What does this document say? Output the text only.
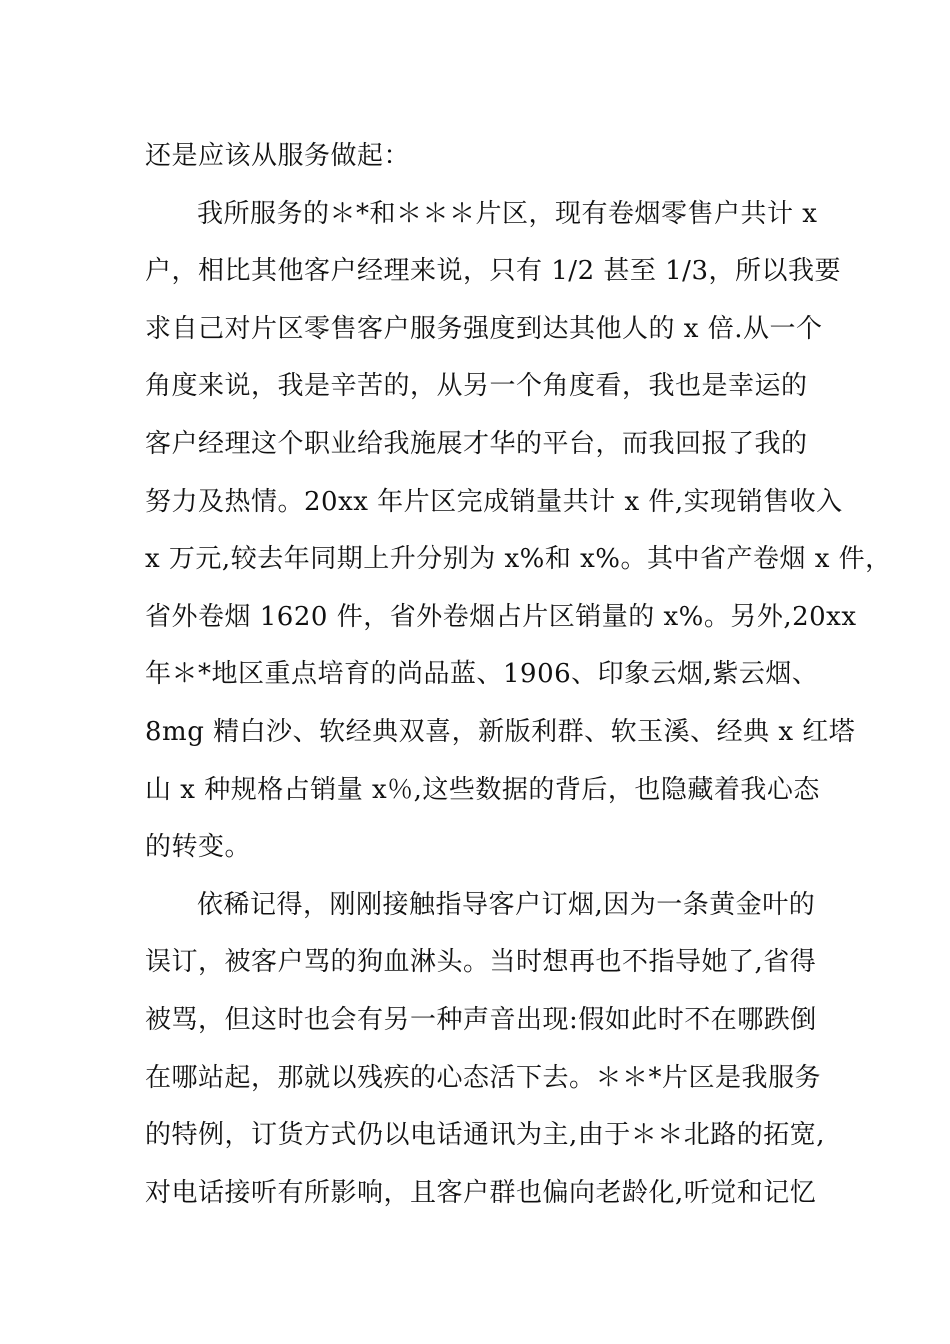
还是应该从服务做起：
我所服务的＊*和＊＊＊片区，现有卷烟零售户共计 x
户，相比其他客户经理来说，只有 1/2 甚至 1/3，所以我要
求自己对片区零售客户服务强度到达其他人的 x 倍.从一个
角度来说，我是辛苦的，从另一个角度看，我也是幸运的
客户经理这个职业给我施展才华的平台，而我回报了我的
努力及热情。20xx 年片区完成销量共计 x 件,实现销售收入
x 万元,较去年同期上升分别为 x%和 x%。其中省产卷烟 x 件，
省外卷烟 1620 件，省外卷烟占片区销量的 x%。另外,20xx
年＊*地区重点培育的尚品蓝、1906、印象云烟,紫云烟、
8mg 精白沙、软经典双喜，新版利群、软玉溪、经典 x 红塔
山 x 种规格占销量 x％,这些数据的背后，也隐藏着我心态
的转变。
依稀记得，刚刚接触指导客户订烟,因为一条黄金叶的
误订，被客户骂的狗血淋头。当时想再也不指导她了,省得
被骂，但这时也会有另一种声音出现:假如此时不在哪跌倒
在哪站起，那就以残疾的心态活下去。＊＊*片区是我服务
的特例，订货方式仍以电话通讯为主,由于＊＊北路的拓宽,
对电话接听有所影响，且客户群也偏向老龄化,听觉和记忆
